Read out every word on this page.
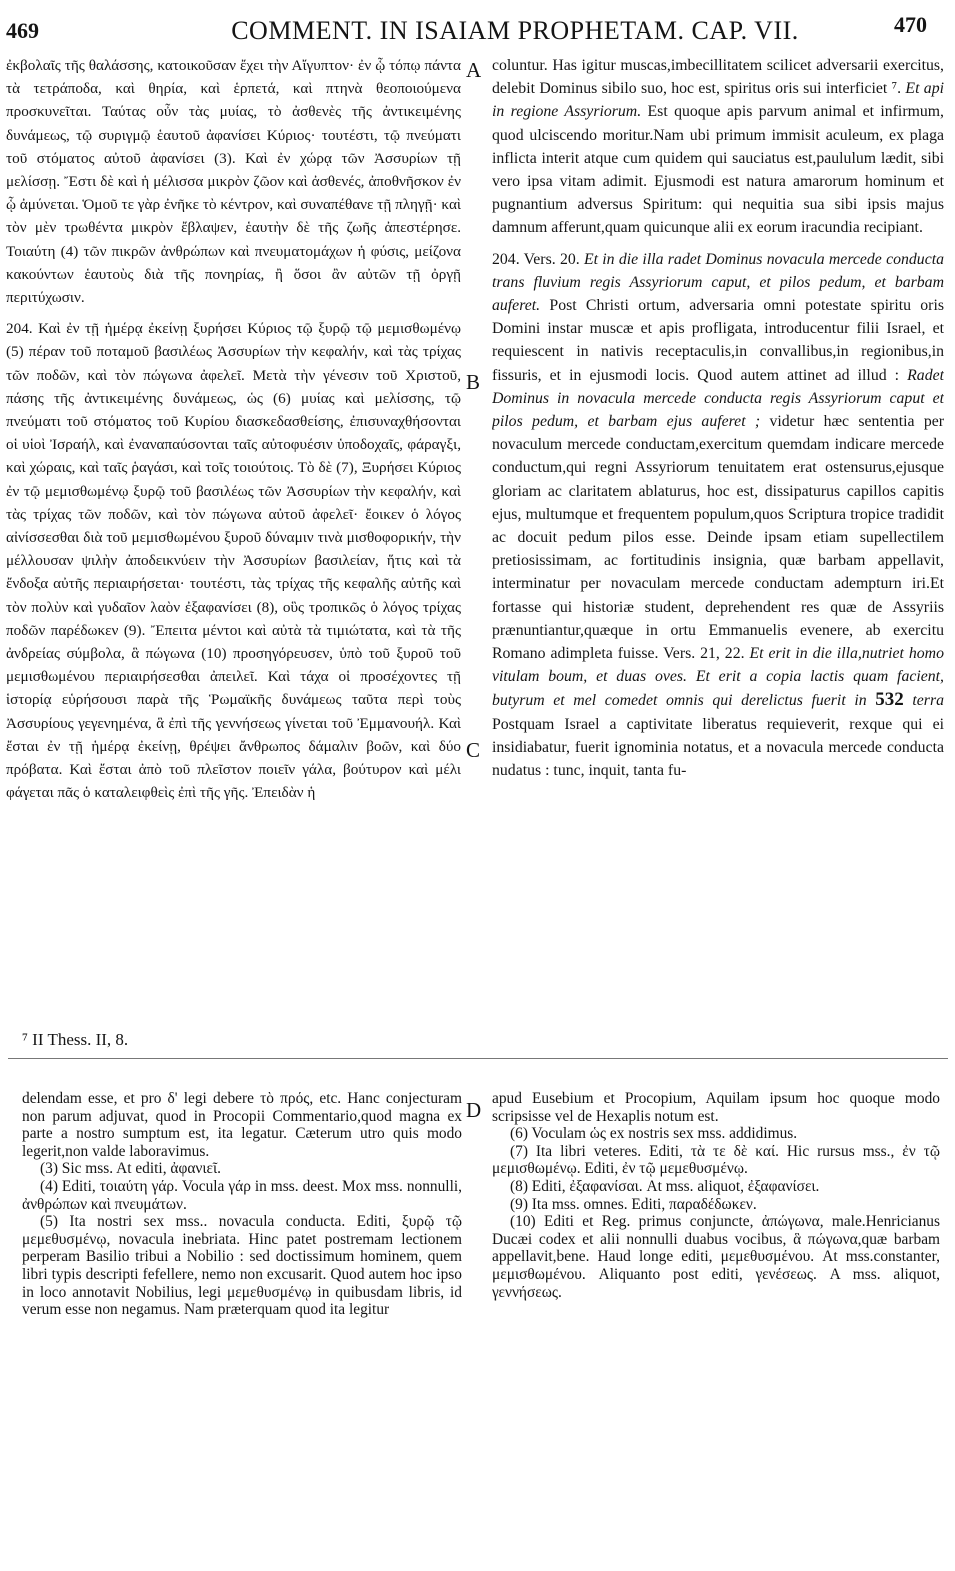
469	COMMENT. IN ISAIAM PROPHETAM. CAP. VII.	470
A
B
C
D

ἐκβολαῖς τῆς θαλάσσης, κατοικοῦσαν ἔχει τὴν Αἴγυπτον· ἐν ᾧ τόπῳ πάντα τὰ τετράποδα, καὶ θηρία, καὶ ἑρπετά, καὶ πτηνὰ θεοποιούμενα προσκυνεῖται. Ταύτας οὖν τὰς μυίας, τὸ ἀσθενὲς τῆς ἀντικειμένης δυνάμεως, τῷ συριγμῷ ἑαυτοῦ ἀφανίσει Κύριος· τουτέστι, τῷ πνεύματι τοῦ στόματος αὐτοῦ ἀφανίσει (3). Καὶ ἐν χώρᾳ τῶν Ἀσσυρίων τῇ μελίσσῃ. Ἔστι δὲ καὶ ἡ μέλισσα μικρὸν ζῶον καὶ ἀσθενές, ἀποθνῆσκον ἐν ᾧ ἀμύνεται. Ὁμοῦ τε γὰρ ἐνῆκε τὸ κέντρον, καὶ συναπέθανε τῇ πληγῇ· καὶ τὸν μὲν τρωθέντα μικρὸν ἔβλαψεν, ἑαυτὴν δὲ τῆς ζωῆς ἀπεστέρησε. Τοιαύτη (4) τῶν πικρῶν ἀνθρώπων καὶ πνευματομάχων ἡ φύσις, μείζονα κακούντων ἑαυτοὺς διὰ τῆς πονηρίας, ἢ ὅσοι ἂν αὐτῶν τῇ ὀργῇ περιτύχωσιν.

204. Καὶ ἐν τῇ ἡμέρᾳ ἐκείνῃ ξυρήσει Κύριος τῷ ξυρῷ τῷ μεμισθωμένῳ (5) πέραν τοῦ ποταμοῦ βασιλέως Ἀσσυρίων τὴν κεφαλήν, καὶ τὰς τρίχας τῶν ποδῶν, καὶ τὸν πώγωνα ἀφελεῖ. Μετὰ τὴν γένεσιν τοῦ Χριστοῦ, πάσης τῆς ἀντικειμένης δυνάμεως, ὡς (6) μυίας καὶ μελίσσης, τῷ πνεύματι τοῦ στόματος τοῦ Κυρίου διασκεδασθείσης, ἐπισυναχθήσονται οἱ υἱοὶ Ἰσραήλ, καὶ ἐναναπαύσονται ταῖς αὐτοφυέσιν ὑποδοχαῖς, φάραγξι, καὶ χώραις, καὶ ταῖς ῥαγάσι, καὶ τοῖς τοιούτοις. Τὸ δὲ (7), Ξυρήσει Κύριος ἐν τῷ μεμισθωμένῳ ξυρῷ τοῦ βασιλέως τῶν Ἀσσυρίων τὴν κεφαλήν, καὶ τὰς τρίχας τῶν ποδῶν, καὶ τὸν πώγωνα αὐτοῦ ἀφελεῖ· ἔοικεν ὁ λόγος αἰνίσσεσθαι διὰ τοῦ μεμισθωμένου ξυροῦ δύναμιν τινὰ μισθοφορικήν, τὴν μέλλουσαν ψιλὴν ἀποδεικνύειν τὴν Ἀσσυρίων βασιλείαν, ἥτις καὶ τὰ ἔνδοξα αὐτῆς περιαιρήσεται· τουτέστι, τὰς τρίχας τῆς κεφαλῆς αὐτῆς καὶ τὸν πολὺν καὶ γυδαῖον λαὸν ἐξαφανίσει (8), οὓς τροπικῶς ὁ λόγος τρίχας ποδῶν παρέδωκεν (9). Ἔπειτα μέντοι καὶ αὐτὰ τὰ τιμιώτατα, καὶ τὰ τῆς ἀνδρείας σύμβολα, ἃ πώγωνα (10) προσηγόρευσεν, ὑπὸ τοῦ ξυροῦ τοῦ μεμισθωμένου περιαιρήσεσθαι ἀπειλεῖ. Καὶ τάχα οἱ προσέχοντες τῇ ἱστορίᾳ εὑρήσουσι παρὰ τῆς Ῥωμαϊκῆς δυνάμεως ταῦτα περὶ τοὺς Ἀσσυρίους γεγενημένα, ἃ ἐπὶ τῆς γεννήσεως γίνεται τοῦ Ἐμμανουήλ. Καὶ ἔσται ἐν τῇ ἡμέρᾳ ἐκείνῃ, θρέψει ἄνθρωπος δάμαλιν βοῶν, καὶ δύο πρόβατα. Καὶ ἔσται ἀπὸ τοῦ πλεῖστον ποιεῖν γάλα, βούτυρον καὶ μέλι φάγεται πᾶς ὁ καταλειφθεὶς ἐπὶ τῆς γῆς. Ἐπειδὰν ἡ

coluntur. Has igitur muscas,imbecillitatem scilicet adversarii exercitus, delebit Dominus sibilo suo, hoc est, spiritus oris sui interficiet ⁷. Et api in regione Assyriorum. Est quoque apis parvum animal et infirmum, quod ulciscendo moritur.Nam ubi primum immisit aculeum, ex plaga inflicta interit atque cum quidem qui sauciatus est,paululum lædit, sibi vero ipsa vitam adimit. Ejusmodi est natura amarorum hominum et pugnantium adversus Spiritum: qui nequitia sua sibi ipsis majus damnum afferunt,quam quicunque alii ex eorum iracundia recipiant.

204. Vers. 20. Et in die illa radet Dominus novacula mercede conducta trans fluvium regis Assyriorum caput, et pilos pedum, et barbam auferet. Post Christi ortum, adversaria omni potestate spiritu oris Domini instar muscæ et apis profligata, introducentur filii Israel, et requiescent in nativis receptaculis,in convallibus,in regionibus,in fissuris, et in ejusmodi locis. Quod autem attinet ad illud : Radet Dominus in novacula mercede conducta regis Assyriorum caput et pilos pedum, et barbam ejus auferet ; videtur hæc sententia per novaculum mercede conductam,exercitum quemdam indicare mercede conductum,qui regni Assyriorum tenuitatem erat ostensurus,ejusque gloriam ac claritatem ablaturus, hoc est, dissipaturus capillos capitis ejus, multumque et frequentem populum,quos Scriptura tropice tradidit ac docuit pedum pilos esse. Deinde ipsam etiam supellectilem pretiosissimam, ac fortitudinis insignia, quæ barbam appellavit, interminatur per novaculam mercede conductam adempturn iri.Et fortasse qui historiæ student, deprehendent res quæ de Assyriis prænuntiantur,quæque in ortu Emmanuelis evenere, ab exercitu Romano adimpleta fuisse. Vers. 21, 22. Et erit in die illa,nutriet homo vitulam boum, et duas oves. Et erit a copia lactis quam facient, butyrum et mel comedet omnis qui derelictus fuerit in 532 terra Postquam Israel a captivitate liberatus requieverit, rexque qui ei insidiabatur, fuerit ignominia notatus, et a novacula mercede conducta nudatus : tunc, inquit, tanta fu-

⁷ II Thess. II, 8.

delendam esse, et pro δ' legi debere τὸ πρός, etc. Hanc conjecturam non parum adjuvat, quod in Procopii Commentario,quod magna ex parte a nostro sumptum est, ita legatur. Cæterum utro quis modo legerit,non valde laboravimus.

(3) Sic mss. At editi, ἀφανιεῖ.

(4) Editi, τοιαύτη γάρ. Vocula γάρ in mss. deest. Mox mss. nonnulli, ἀνθρώπων καὶ πνευμάτων.

(5) Ita nostri sex mss.. novacula conducta. Editi, ξυρῷ τῷ μεμεθυσμένῳ, novacula inebriata. Hinc patet postremam lectionem perperam Basilio tribui a Nobilio : sed doctissimum hominem, quem libri typis descripti fefellere, nemo non excusarit. Quod autem hoc ipso in loco annotavit Nobilius, legi μεμεθυσμένῳ in quibusdam libris, id verum esse non negamus. Nam præterquam quod ita legitur

apud Eusebium et Procopium, Aquilam ipsum hoc quoque modo scripsisse vel de Hexaplis notum est.

(6) Voculam ὡς ex nostris sex mss. addidimus.

(7) Ita libri veteres. Editi, τὰ τε δὲ καί. Hic rursus mss., ἐν τῷ μεμισθωμένῳ. Editi, ἐν τῷ μεμεθυσμένῳ.

(8) Editi, ἐξαφανίσαι. At mss. aliquot, ἐξαφανίσει.

(9) Ita mss. omnes. Editi, παραδέδωκεν.

(10) Editi et Reg. primus conjuncte, ἀπώγωνα, male.Henricianus Ducæi codex et alii nonnulli duabus vocibus, ἃ πώγωνα,quæ barbam appellavit,bene. Haud longe editi, μεμεθυσμένου. At mss.constanter, μεμισθωμένου. Aliquanto post editi, γενέσεως. A mss. aliquot, γεννήσεως.
